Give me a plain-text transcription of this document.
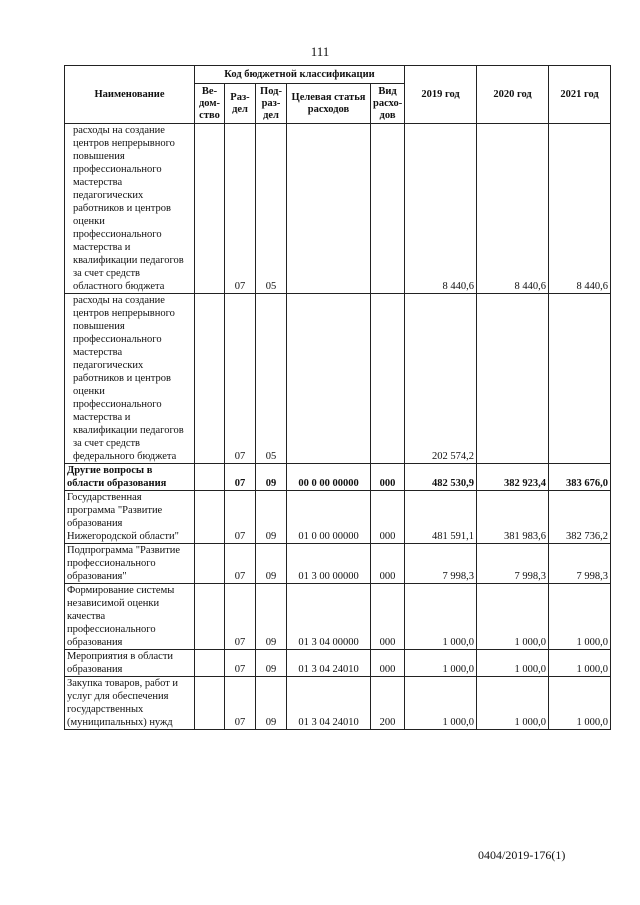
111
Наименование	Код бюджетной классификации					2019 год	2020 год	2021 год
	Ве-дом-ство	Раз-дел	Под-раз-дел	Целевая статья расходов	Вид расхо-дов			
расходы на создание центров непрерывного повышения профессионального мастерства педагогических работников и центров оценки профессионального мастерства и квалификации педагогов за счет средств областного бюджета		07	05			8 440,6	8 440,6	8 440,6
расходы на создание центров непрерывного повышения профессионального мастерства педагогических работников и центров оценки профессионального мастерства и квалификации педагогов за счет средств федерального бюджета		07	05			202 574,2		
Другие вопросы в области образования		07	09	00 0 00 00000	000	482 530,9	382 923,4	383 676,0
Государственная программа "Развитие образования Нижегородской области"		07	09	01 0 00 00000	000	481 591,1	381 983,6	382 736,2
Подпрограмма "Развитие профессионального образования"		07	09	01 3 00 00000	000	7 998,3	7 998,3	7 998,3
Формирование системы независимой оценки качества профессионального образования		07	09	01 3 04 00000	000	1 000,0	1 000,0	1 000,0
Мероприятия в области образования		07	09	01 3 04 24010	000	1 000,0	1 000,0	1 000,0
Закупка товаров, работ и услуг для обеспечения государственных (муниципальных) нужд		07	09	01 3 04 24010	200	1 000,0	1 000,0	1 000,0
0404/2019-176(1)
